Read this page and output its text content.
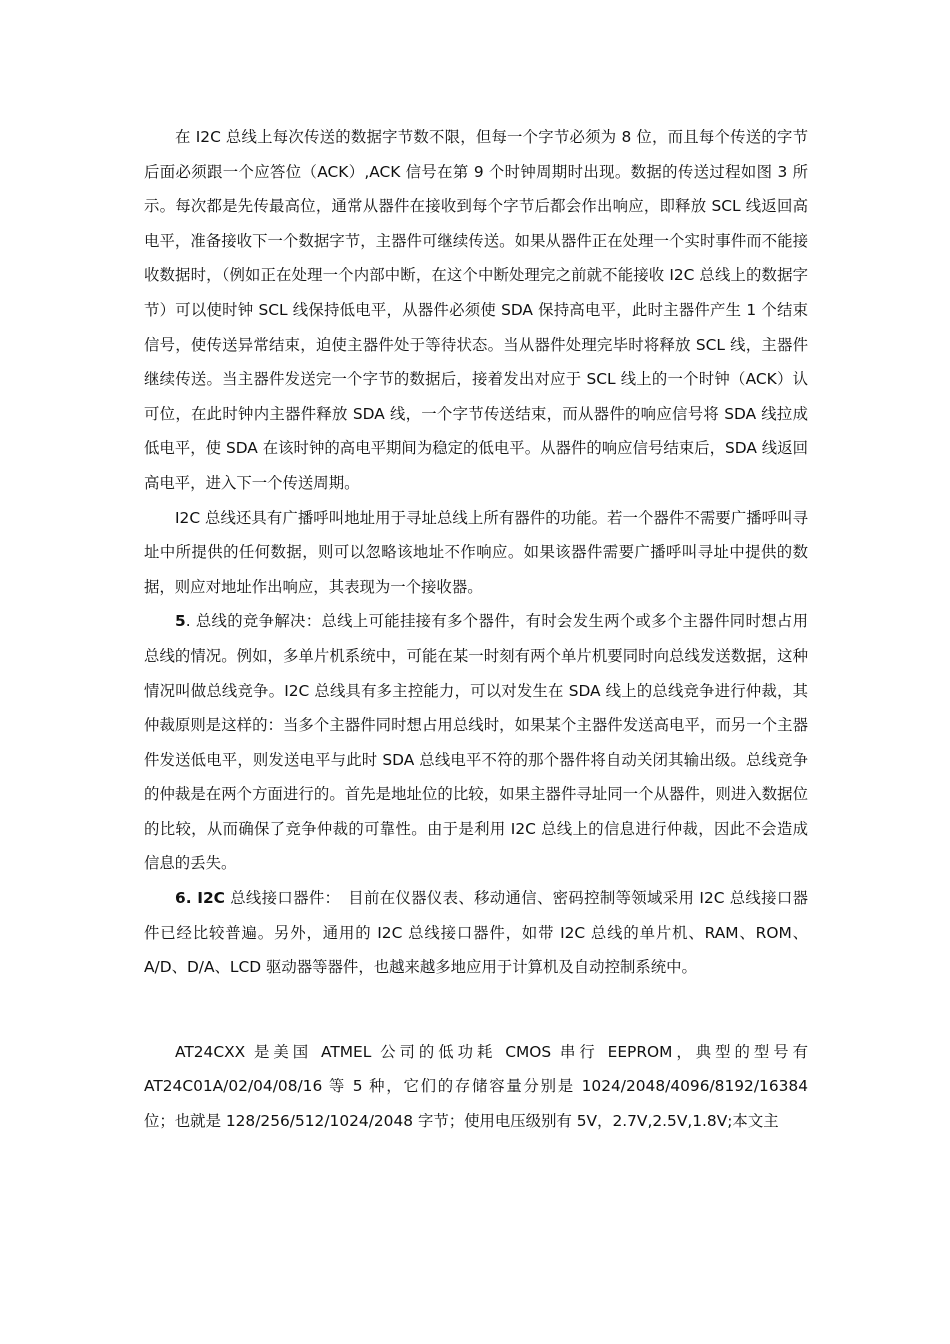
在 I2C 总线上每次传送的数据字节数不限，但每一个字节必须为 8 位，而且每个传送的字节后面必须跟一个应答位（ACK）,ACK 信号在第 9 个时钟周期时出现。数据的传送过程如图 3 所示。每次都是先传最高位，通常从器件在接收到每个字节后都会作出响应，即释放 SCL 线返回高电平，准备接收下一个数据字节，主器件可继续传送。如果从器件正在处理一个实时事件而不能接收数据时，（例如正在处理一个内部中断，在这个中断处理完之前就不能接收 I2C 总线上的数据字节）可以使时钟 SCL 线保持低电平，从器件必须使 SDA 保持高电平，此时主器件产生 1 个结束信号，使传送异常结束，迫使主器件处于等待状态。当从器件处理完毕时将释放 SCL 线，主器件继续传送。当主器件发送完一个字节的数据后，接着发出对应于 SCL 线上的一个时钟（ACK）认可位，在此时钟内主器件释放 SDA 线，一个字节传送结束，而从器件的响应信号将 SDA 线拉成低电平，使 SDA 在该时钟的高电平期间为稳定的低电平。从器件的响应信号结束后，SDA 线返回高电平，进入下一个传送周期。

I2C 总线还具有广播呼叫地址用于寻址总线上所有器件的功能。若一个器件不需要广播呼叫寻址中所提供的任何数据，则可以忽略该地址不作响应。如果该器件需要广播呼叫寻址中提供的数据，则应对地址作出响应，其表现为一个接收器。

5. 总线的竞争解决：总线上可能挂接有多个器件，有时会发生两个或多个主器件同时想占用总线的情况。例如，多单片机系统中，可能在某一时刻有两个单片机要同时向总线发送数据，这种情况叫做总线竞争。I2C 总线具有多主控能力，可以对发生在 SDA 线上的总线竞争进行仲裁，其仲裁原则是这样的：当多个主器件同时想占用总线时，如果某个主器件发送高电平，而另一个主器件发送低电平，则发送电平与此时 SDA 总线电平不符的那个器件将自动关闭其输出级。总线竞争的仲裁是在两个方面进行的。首先是地址位的比较，如果主器件寻址同一个从器件，则进入数据位的比较，从而确保了竞争仲裁的可靠性。由于是利用 I2C 总线上的信息进行仲裁，因此不会造成信息的丢失。

6. I2C 总线接口器件：　目前在仪器仪表、移动通信、密码控制等领域采用 I2C 总线接口器件已经比较普遍。另外，通用的 I2C 总线接口器件，如带 I2C 总线的单片机、RAM、ROM、A/D、D/A、LCD 驱动器等器件，也越来越多地应用于计算机及自动控制系统中。

AT24CXX 是美国 ATMEL 公司的低功耗 CMOS 串行 EEPROM，典型的型号有 AT24C01A/02/04/08/16 等 5 种，它们的存储容量分别是 1024/2048/4096/8192/16384 位；也就是 128/256/512/1024/2048 字节；使用电压级别有 5V，2.7V,2.5V,1.8V;本文主
